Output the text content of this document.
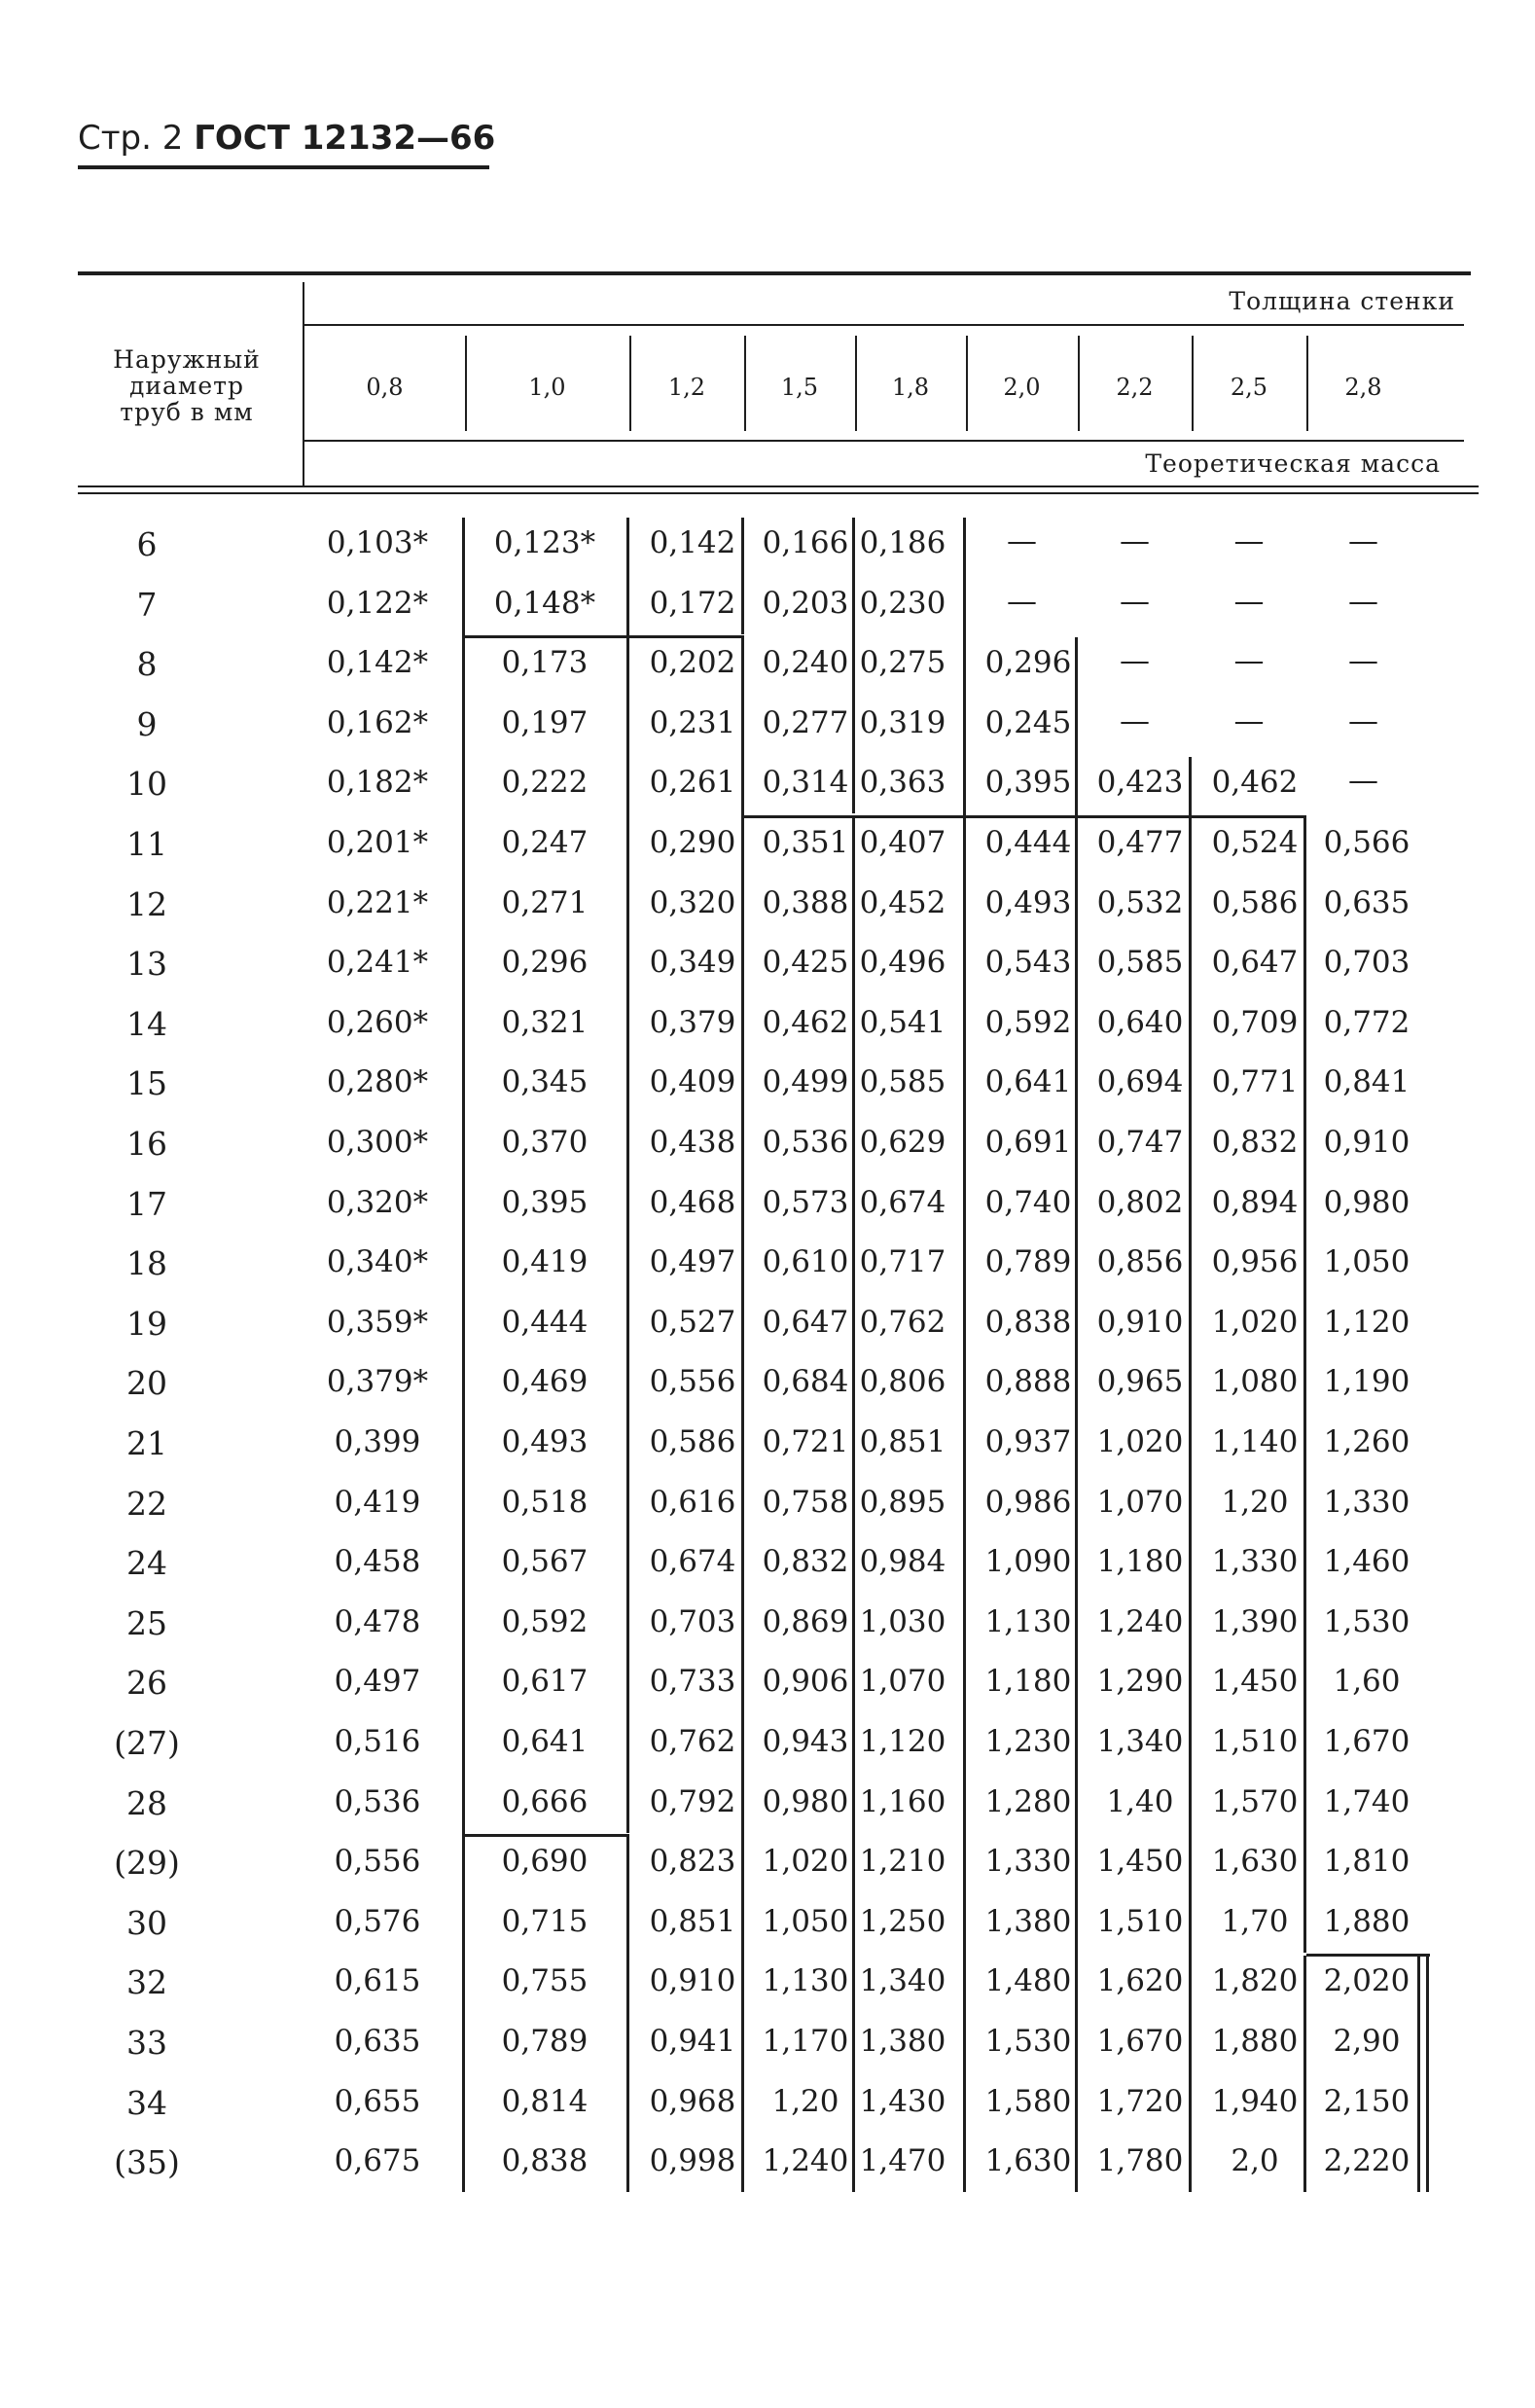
Стр. 2 ГОСТ 12132—66
Толщина стенки
Теоретическая масса
Наружный
диаметр
труб в мм
0,8	1,0	1,2	1,5	1,8	2,0	2,2	2,5	2,8
6	0,103* 0,123* 0,142 0,166 0,186	—	—	—	—
7	0,122* 0,148* 0,172 0,203 0,230	—	—	—	—
8	0,142* 0,173 0,202 0,240 0,275 0,296	—	—	—
9	0,162* 0,197 0,231 0,277 0,319 0,245	—	—	—
10	0,182* 0,222 0,261 0,314 0,363 0,395 0,423 0,462	—
11	0,201* 0,247 0,290 0,351 0,407 0,444 0,477 0,524 0,566
12	0,221* 0,271 0,320 0,388 0,452 0,493 0,532 0,586 0,635
13	0,241* 0,296 0,349 0,425 0,496 0,543 0,585 0,647 0,703
14	0,260* 0,321 0,379 0,462 0,541 0,592 0,640 0,709 0,772
15	0,280* 0,345 0,409 0,499 0,585 0,641 0,694 0,771 0,841
16	0,300* 0,370 0,438 0,536 0,629 0,691 0,747 0,832 0,910
17	0,320* 0,395 0,468 0,573 0,674 0,740 0,802 0,894 0,980
18	0,340* 0,419 0,497 0,610 0,717 0,789 0,856 0,956 1,050
19	0,359* 0,444 0,527 0,647 0,762 0,838 0,910 1,020 1,120
20	0,379* 0,469 0,556 0,684 0,806 0,888 0,965 1,080 1,190
21	0,399	0,493 0,586 0,721 0,851 0,937 1,020 1,140 1,260
22	0,419	0,518 0,616 0,758 0,895 0,986 1,070 1,20 1,330
24	0,458	0,567 0,674 0,832 0,984 1,090 1,180 1,330 1,460
25	0,478	0,592 0,703 0,869 1,030 1,130 1,240 1,390 1,530
26	0,497	0,617 0,733 0,906 1,070 1,180 1,290 1,450 1,60
(27)	0,516	0,641 0,762 0,943 1,120 1,230 1,340 1,510 1,670
28	0,536	0,666 0,792 0,980 1,160 1,280 1,40 1,570 1,740
(29)	0,556	0,690 0,823 1,020 1,210 1,330 1,450 1,630 1,810
30	0,576	0,715 0,851 1,050 1,250 1,380 1,510 1,70 1,880
32	0,615	0,755 0,910 1,130 1,340 1,480 1,620 1,820 2,020
33	0,635	0,789 0,941 1,170 1,380 1,530 1,670 1,880 2,90
34	0,655	0,814 0,968 1,20 1,430 1,580 1,720 1,940 2,150
(35)	0,675	0,838 0,998 1,240 1,470 1,630 1,780 2,0 2,220
